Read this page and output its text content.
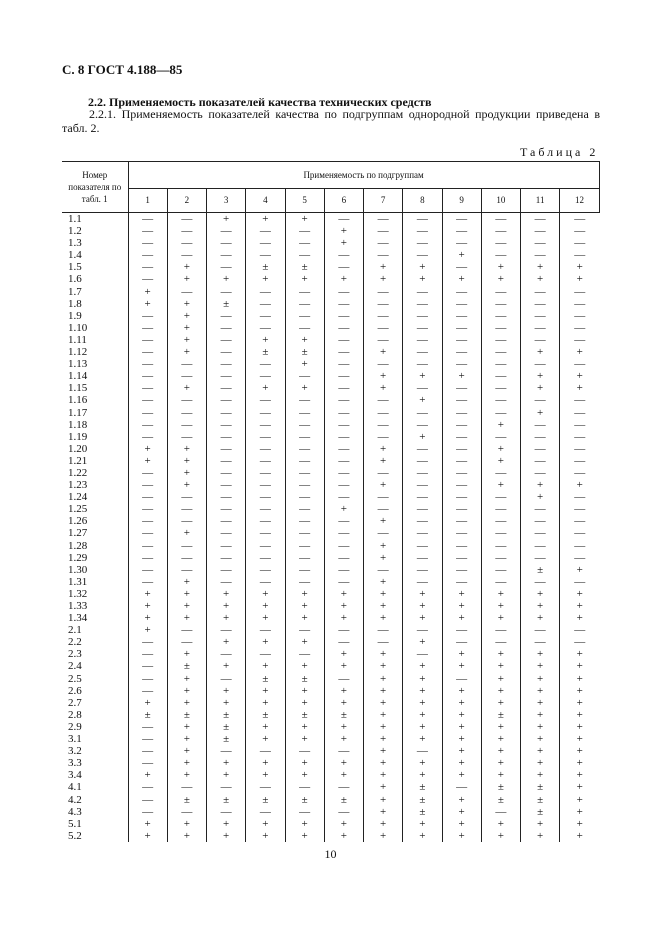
С. 8 ГОСТ 4.188—85
2.2. Применяемость показателей качества технических средств
2.2.1. Применяемость показателей качества по подгруппам однородной продукции приведена в табл. 2.
Таблица 2
Номер показателя по табл. 1	Применяемость по подгруппам											
	1	2	3	4	5	6	7	8	9	10	11	12
1.1	—	—	+	+	+	—	—	—	—	—	—	—
1.2	—	—	—	—	—	+	—	—	—	—	—	—
1.3	—	—	—	—	—	+	—	—	—	—	—	—
1.4	—	—	—	—	—	—	—	—	+	—	—	—
1.5	—	+	—	±	±	—	+	+	—	+	+	+
1.6	—	+	+	+	+	+	+	+	+	+	+	+
1.7	+	—	—	—	—	—	—	—	—	—	—	—
1.8	+	+	±	—	—	—	—	—	—	—	—	—
1.9	—	+	—	—	—	—	—	—	—	—	—	—
1.10	—	+	—	—	—	—	—	—	—	—	—	—
1.11	—	+	—	+	+	—	—	—	—	—	—	—
1.12	—	+	—	±	±	—	+	—	—	—	+	+
1.13	—	—	—	—	+	—	—	—	—	—	—	—
1.14	—	—	—	—	—	—	+	+	+	—	+	+
1.15	—	+	—	+	+	—	+	—	—	—	+	+
1.16	—	—	—	—	—	—	—	+	—	—	—	—
1.17	—	—	—	—	—	—	—	—	—	—	+	—
1.18	—	—	—	—	—	—	—	—	—	+	—	—
1.19	—	—	—	—	—	—	—	+	—	—	—	—
1.20	+	+	—	—	—	—	+	—	—	+	—	—
1.21	+	+	—	—	—	—	+	—	—	+	—	—
1.22	—	+	—	—	—	—	—	—	—	—	—	—
1.23	—	+	—	—	—	—	+	—	—	+	+	+
1.24	—	—	—	—	—	—	—	—	—	—	+	—
1.25	—	—	—	—	—	+	—	—	—	—	—	—
1.26	—	—	—	—	—	—	+	—	—	—	—	—
1.27	—	+	—	—	—	—	—	—	—	—	—	—
1.28	—	—	—	—	—	—	+	—	—	—	—	—
1.29	—	—	—	—	—	—	+	—	—	—	—	—
1.30	—	—	—	—	—	—	—	—	—	—	±	+
1.31	—	+	—	—	—	—	+	—	—	—	—	—
1.32	+	+	+	+	+	+	+	+	+	+	+	+
1.33	+	+	+	+	+	+	+	+	+	+	+	+
1.34	+	+	+	+	+	+	+	+	+	+	+	+
2.1	+	—	—	—	—	—	—	—	—	—	—	—
2.2	—	—	+	+	+	—	—	+	—	—	—	—
2.3	—	+	—	—	—	+	+	—	+	+	+	+
2.4	—	±	+	+	+	+	+	+	+	+	+	+
2.5	—	+	—	±	±	—	+	+	—	+	+	+
2.6	—	+	+	+	+	+	+	+	+	+	+	+
2.7	+	+	+	+	+	+	+	+	+	+	+	+
2.8	±	±	±	±	±	±	+	+	+	±	+	+
2.9	—	+	±	+	+	+	+	+	+	+	+	+
3.1	—	+	±	+	+	+	+	+	+	+	+	+
3.2	—	+	—	—	—	—	+	—	+	+	+	+
3.3	—	+	+	+	+	+	+	+	+	+	+	+
3.4	+	+	+	+	+	+	+	+	+	+	+	+
4.1	—	—	—	—	—	—	+	±	—	±	±	+
4.2	—	±	±	±	±	±	+	±	+	±	±	+
4.3	—	—	—	—	—	—	+	±	+	—	±	+
5.1	+	+	+	+	+	+	+	+	+	+	+	+
5.2	+	+	+	+	+	+	+	+	+	+	+	+
10
